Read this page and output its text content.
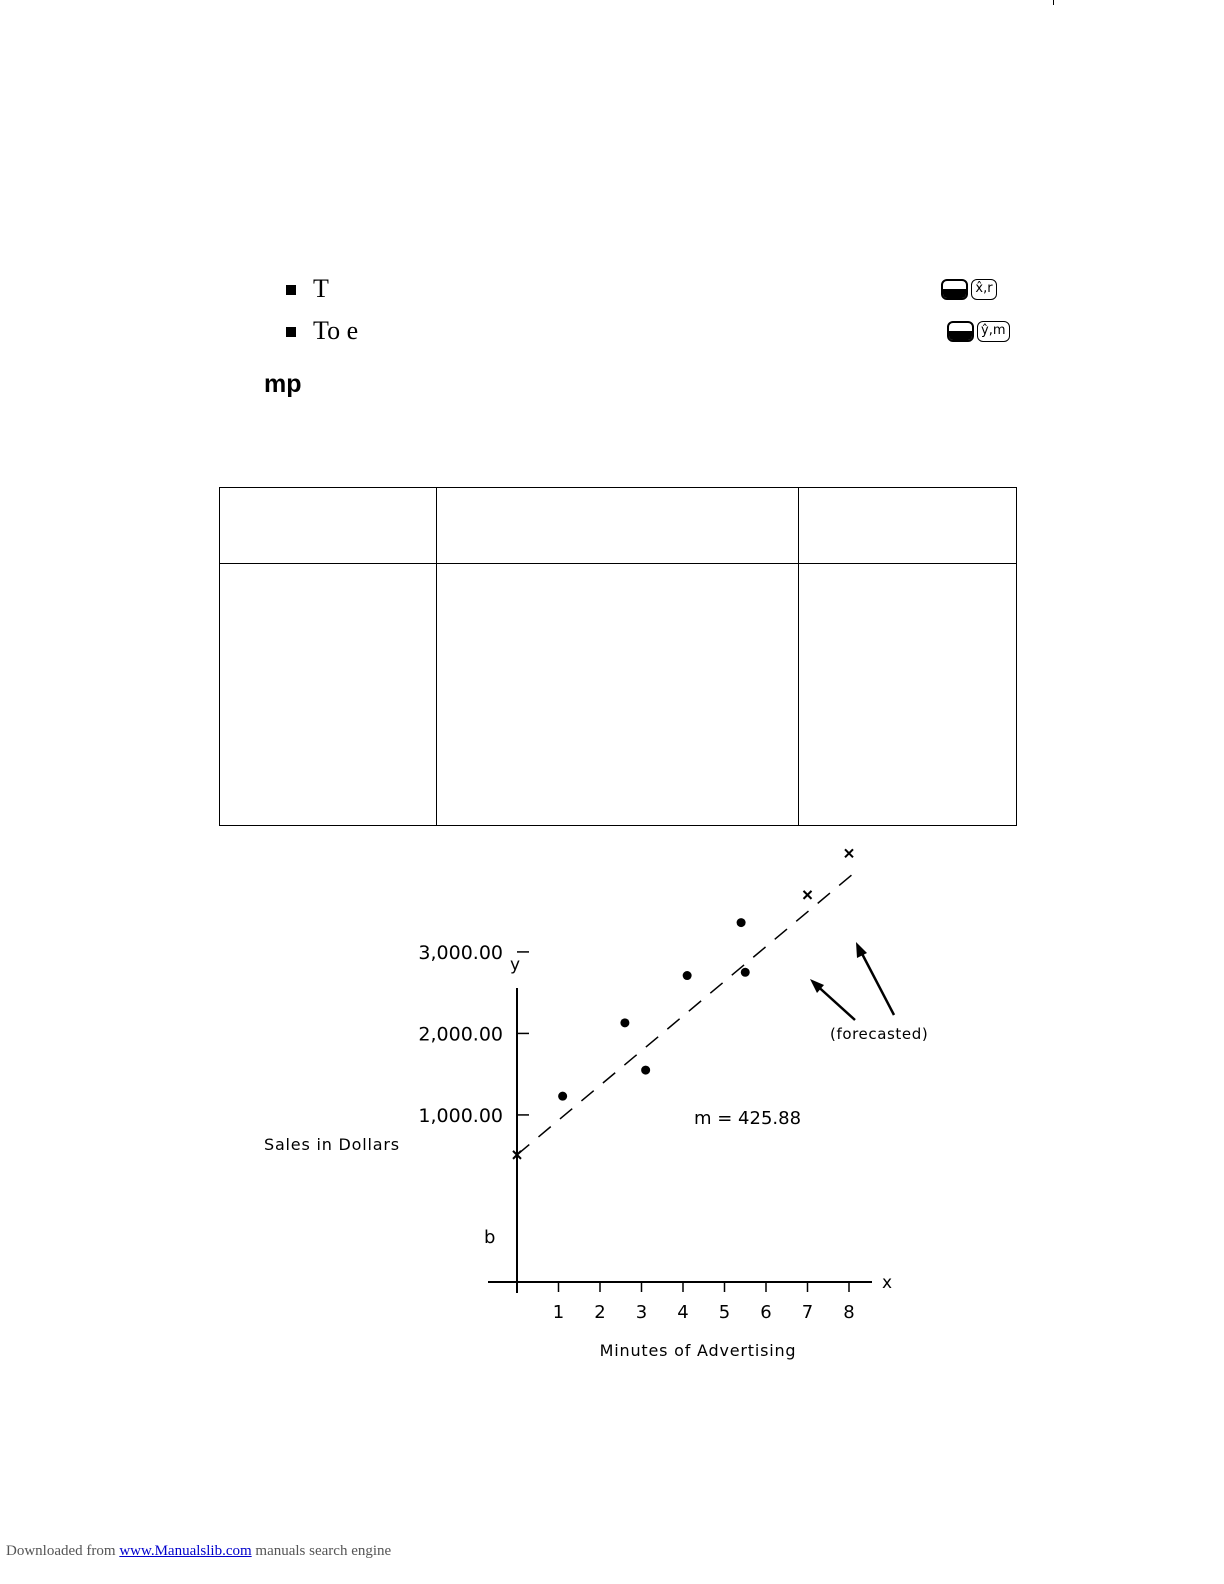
T	x̂,r
To e	ŷ,m
mp

Minutes of Advertising
Sales in Dollars
x
y
m = 425.88
(forecasted)
b
1 2 3 4 5 6 7 8
1,000.00
2,000.00
3,000.00
Downloaded from www.Manualslib.com manuals search engine
